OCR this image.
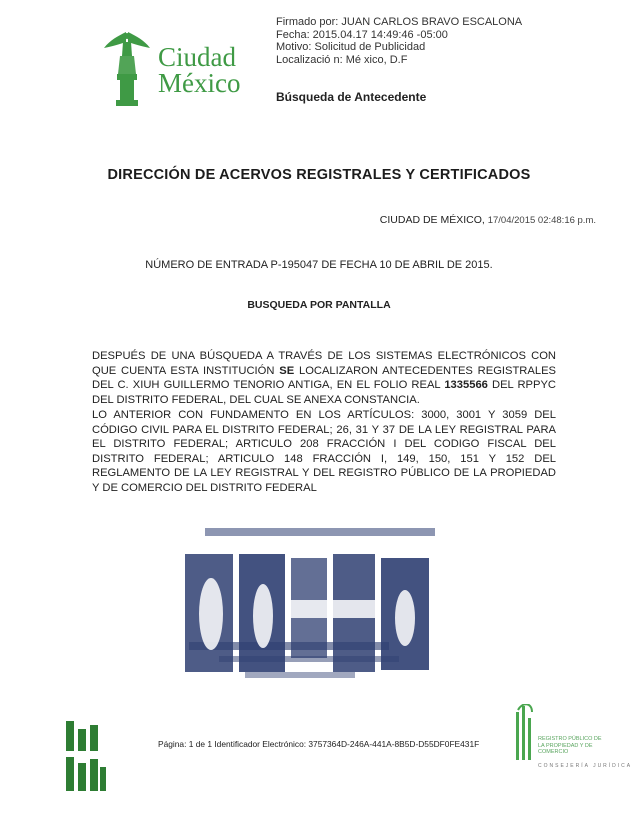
Ciudad
México
Firmado por: JUAN CARLOS BRAVO ESCALONA
Fecha: 2015.04.17 14:49:46 -05:00
Motivo: Solicitud de Publicidad
Localizació n: Mé xico, D.F
Búsqueda de Antecedente
DIRECCIÓN DE ACERVOS REGISTRALES Y CERTIFICADOS
CIUDAD DE MÉXICO, 17/04/2015 02:48:16 p.m.
NÚMERO DE ENTRADA P-195047 DE FECHA 10 DE ABRIL DE 2015.
BUSQUEDA POR PANTALLA
DESPUÉS DE UNA BÚSQUEDA A TRAVÉS DE LOS SISTEMAS ELECTRÓNICOS CON QUE CUENTA ESTA INSTITUCIÓN SE LOCALIZARON ANTECEDENTES REGISTRALES DEL C. XIUH GUILLERMO TENORIO ANTIGA, EN EL FOLIO REAL 1335566 DEL RPPYC DEL DISTRITO FEDERAL, DEL CUAL SE ANEXA CONSTANCIA.
LO ANTERIOR CON FUNDAMENTO EN LOS ARTÍCULOS: 3000, 3001 Y 3059 DEL CÓDIGO CIVIL PARA EL DISTRITO FEDERAL; 26, 31 Y 37 DE LA LEY REGISTRAL PARA EL DISTRITO FEDERAL; ARTICULO 208 FRACCIÓN I DEL CODIGO FISCAL DEL DISTRITO FEDERAL; ARTICULO 148 FRACCIÓN I, 149, 150, 151 Y 152 DEL REGLAMENTO DE LA LEY REGISTRAL Y DEL REGISTRO PÚBLICO DE LA PROPIEDAD Y DE COMERCIO DEL DISTRITO FEDERAL
Página: 1 de 1 Identificador Electrónico: 3757364D-246A-441A-8B5D-D55DF0FE431F	REGISTRO PÚBLICO DE LA PROPIEDAD Y DE COMERCIO
CONSEJERÍA JURÍDICA
